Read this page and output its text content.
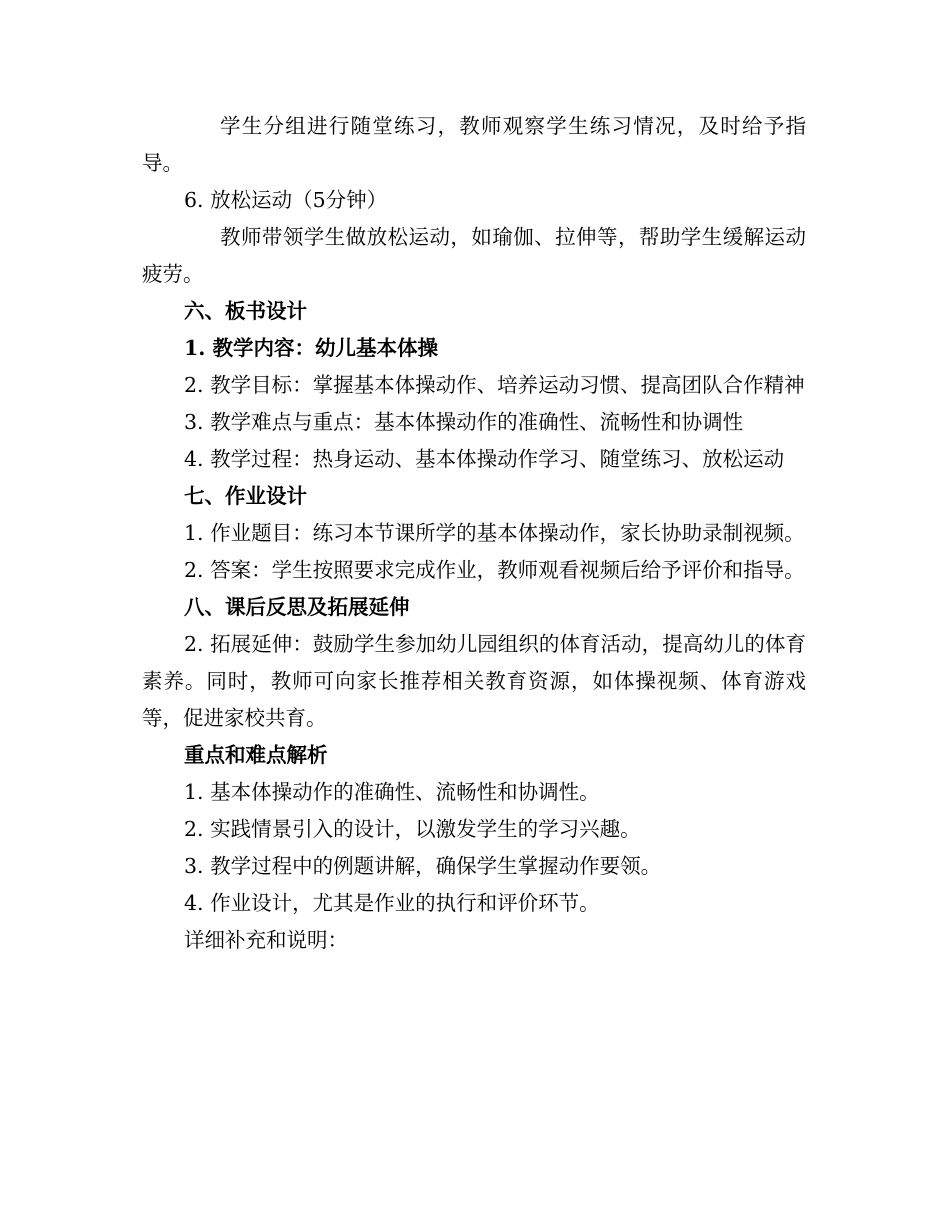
学生分组进行随堂练习，教师观察学生练习情况，及时给予指导。

6. 放松运动（5分钟）

教师带领学生做放松运动，如瑜伽、拉伸等，帮助学生缓解运动疲劳。

六、板书设计

1. 教学内容：幼儿基本体操

2. 教学目标：掌握基本体操动作、培养运动习惯、提高团队合作精神

3. 教学难点与重点：基本体操动作的准确性、流畅性和协调性

4. 教学过程：热身运动、基本体操动作学习、随堂练习、放松运动

七、作业设计

1. 作业题目：练习本节课所学的基本体操动作，家长协助录制视频。

2. 答案：学生按照要求完成作业，教师观看视频后给予评价和指导。

八、课后反思及拓展延伸

2. 拓展延伸：鼓励学生参加幼儿园组织的体育活动，提高幼儿的体育素养。同时，教师可向家长推荐相关教育资源，如体操视频、体育游戏等，促进家校共育。

重点和难点解析

1. 基本体操动作的准确性、流畅性和协调性。

2. 实践情景引入的设计，以激发学生的学习兴趣。

3. 教学过程中的例题讲解，确保学生掌握动作要领。

4. 作业设计，尤其是作业的执行和评价环节。

详细补充和说明：
